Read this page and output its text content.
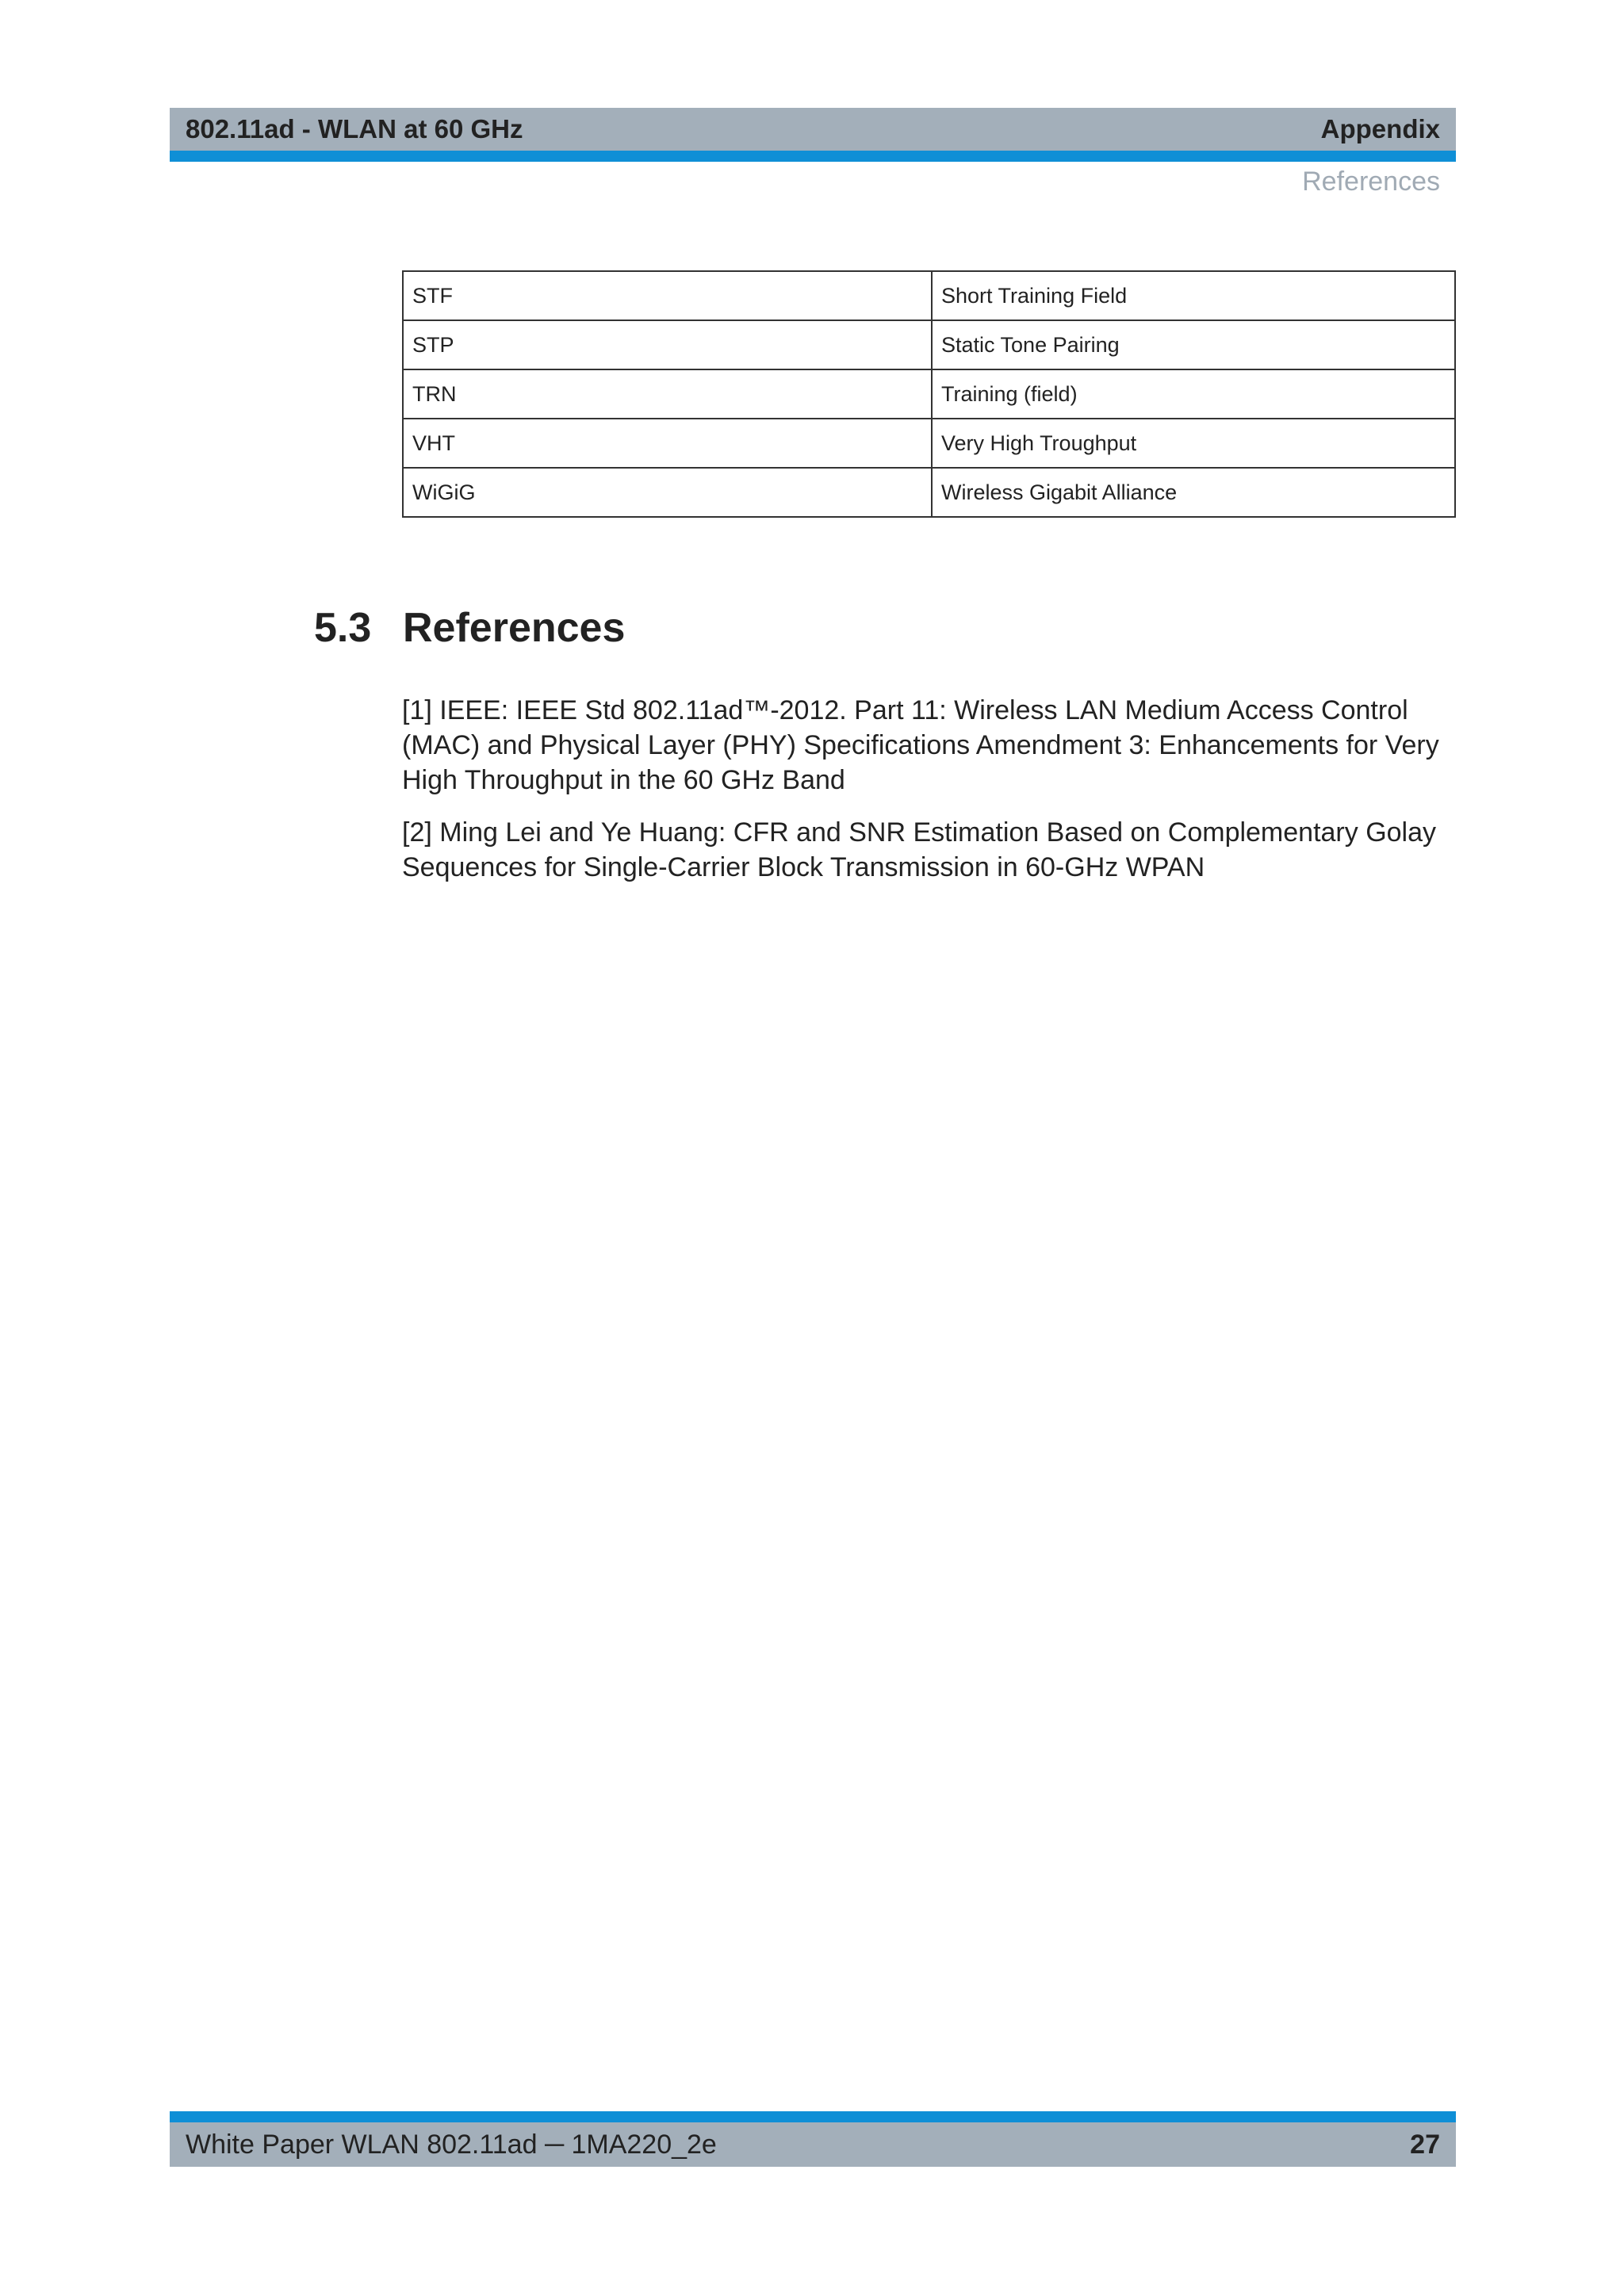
802.11ad - WLAN at 60 GHz	Appendix
References
STF	Short Training Field
STP	Static Tone Pairing
TRN	Training (field)
VHT	Very High Troughput
WiGiG	Wireless Gigabit Alliance
5.3 References

[1] IEEE: IEEE Std 802.11ad™-2012. Part 11: Wireless LAN Medium Access Control (MAC) and Physical Layer (PHY) Specifications Amendment 3: Enhancements for Very High Throughput in the 60 GHz Band

[2] Ming Lei and Ye Huang: CFR and SNR Estimation Based on Complementary Golay Sequences for Single-Carrier Block Transmission in 60-GHz WPAN

White Paper WLAN 802.11ad ─ 1MA220_2e	27
